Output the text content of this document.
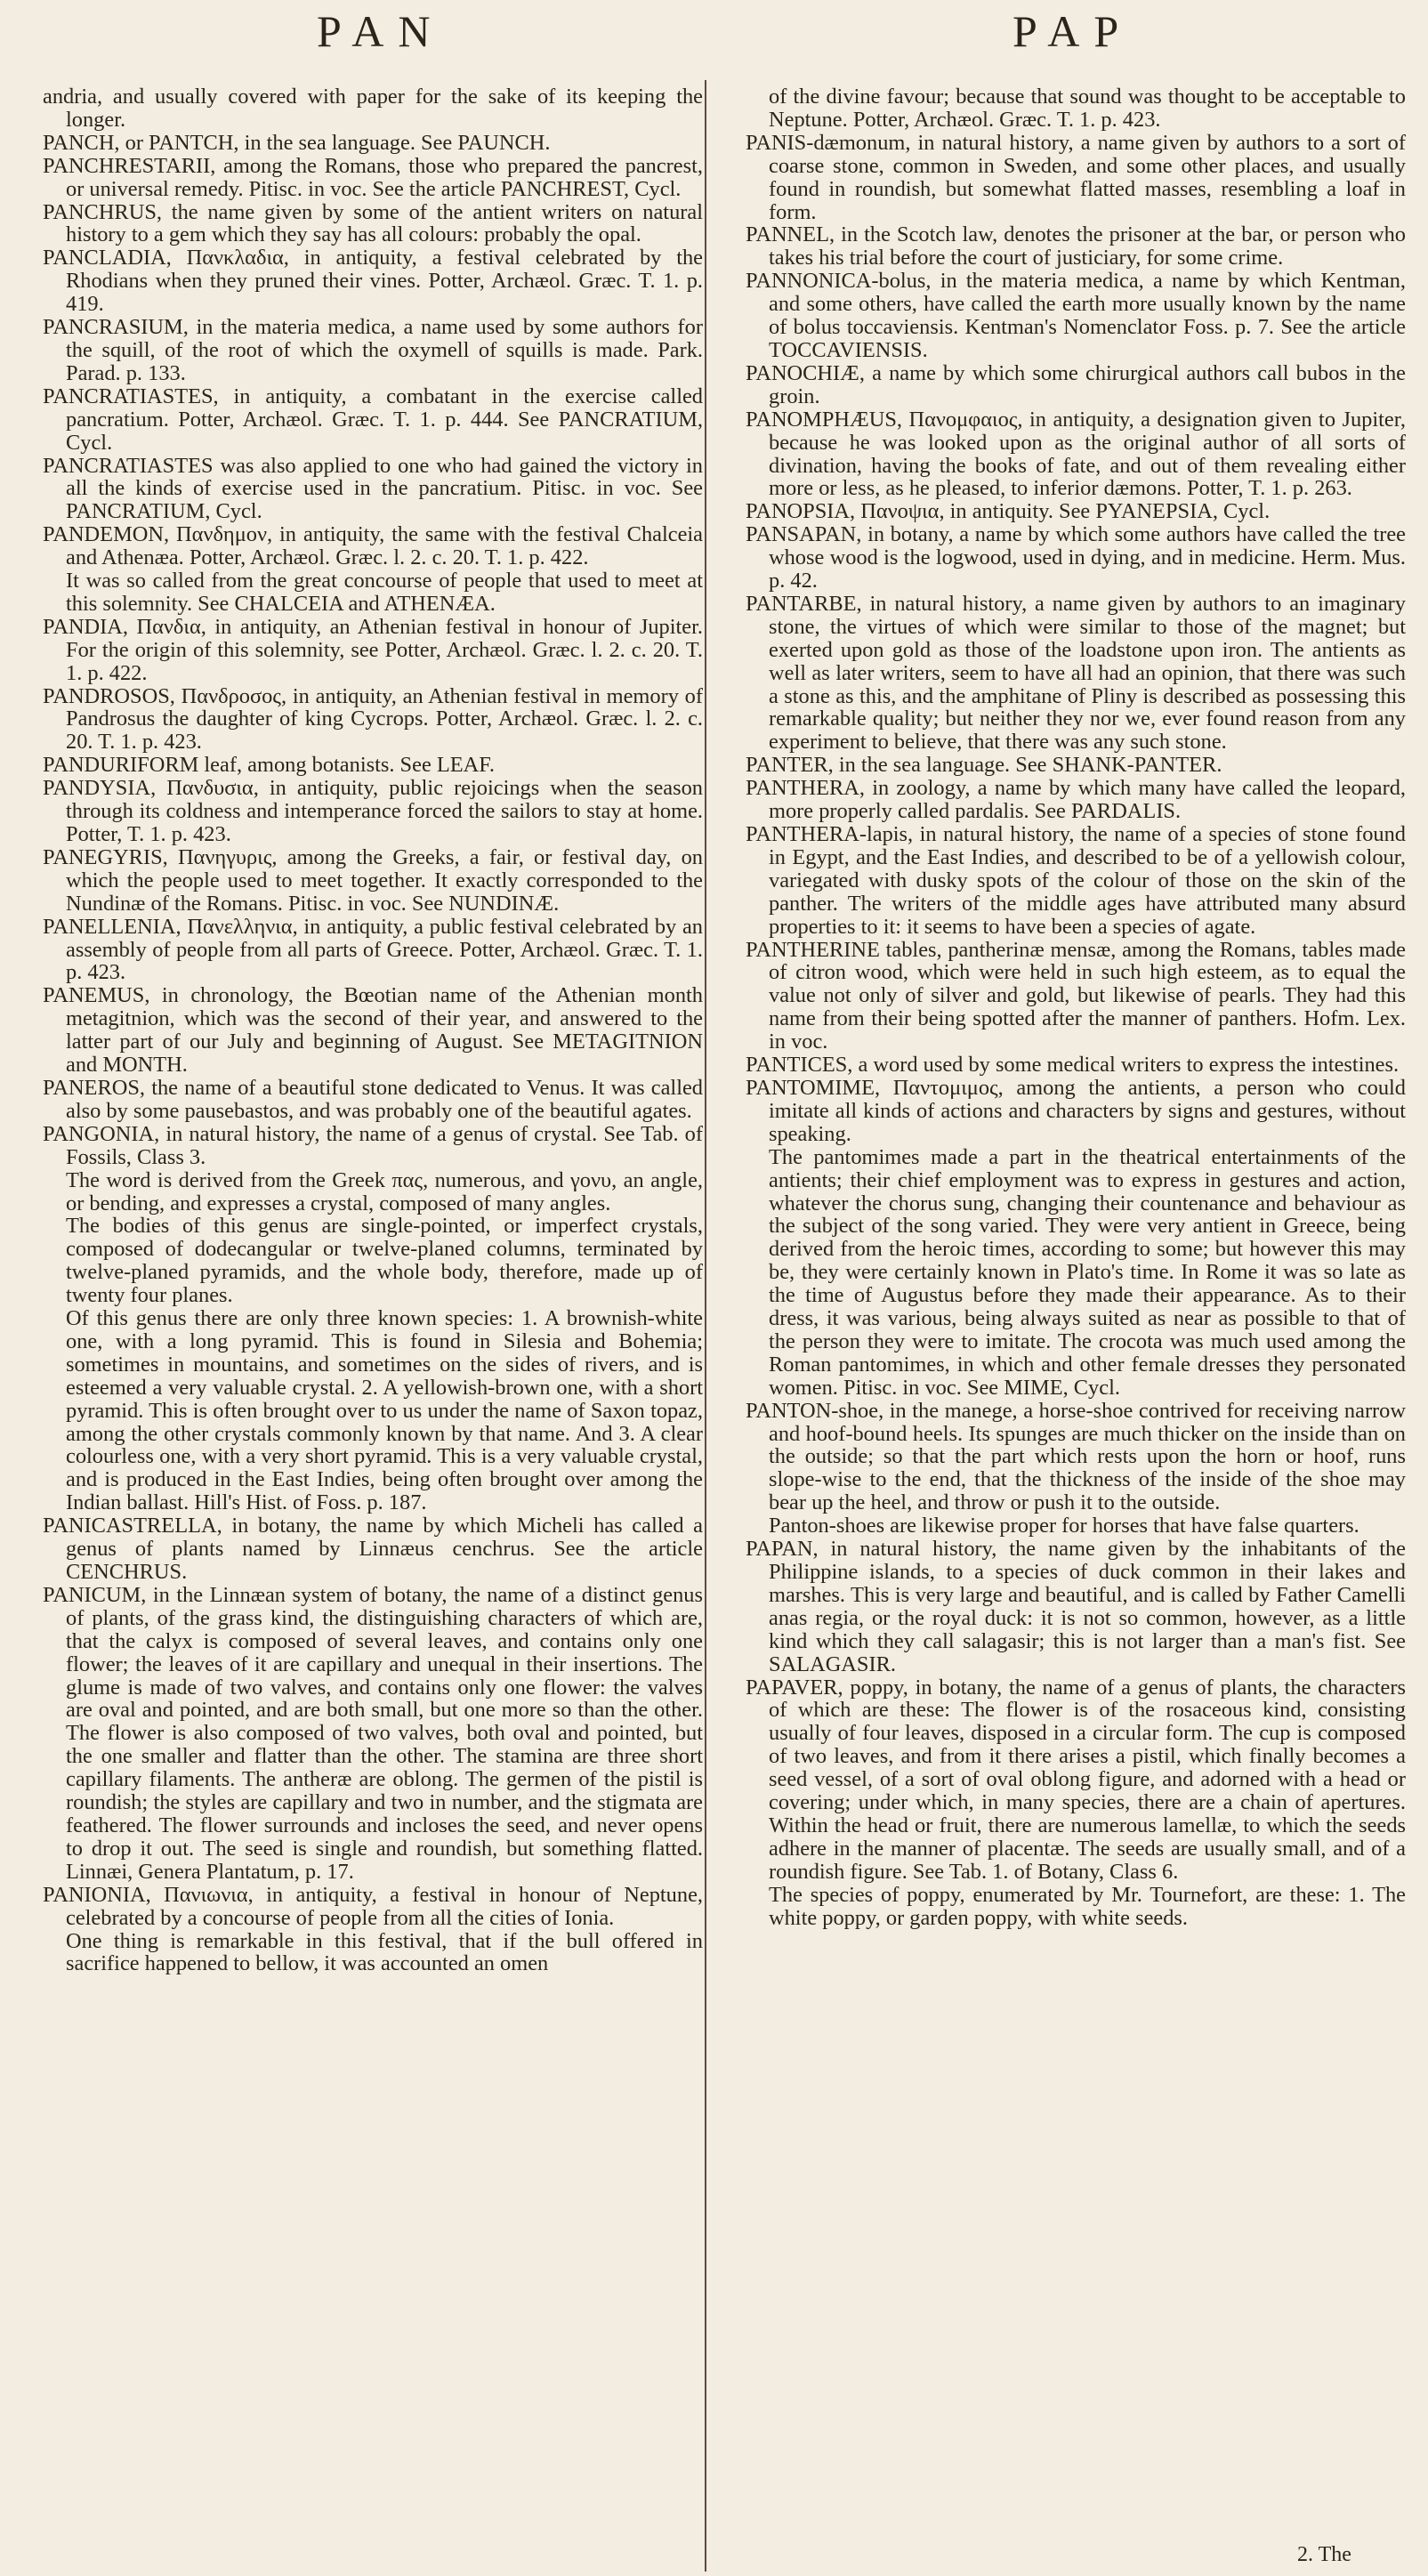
PAN	PAP

andria, and usually covered with paper for the sake of its keeping the longer.

PANCH, or PANTCH, in the sea language. See PAUNCH.

PANCHRESTARII, among the Romans, those who prepared the pancrest, or universal remedy. Pitisc. in voc. See the article PANCHREST, Cycl.

PANCHRUS, the name given by some of the antient writers on natural history to a gem which they say has all colours: probably the opal.

PANCLADIA, Πανκλαδια, in antiquity, a festival celebrated by the Rhodians when they pruned their vines. Potter, Archæol. Græc. T. 1. p. 419.

PANCRASIUM, in the materia medica, a name used by some authors for the squill, of the root of which the oxymell of squills is made. Park. Parad. p. 133.

PANCRATIASTES, in antiquity, a combatant in the exercise called pancratium. Potter, Archæol. Græc. T. 1. p. 444. See PANCRATIUM, Cycl.

PANCRATIASTES was also applied to one who had gained the victory in all the kinds of exercise used in the pancratium. Pitisc. in voc. See PANCRATIUM, Cycl.

PANDEMON, Πανδημον, in antiquity, the same with the festival Chalceia and Athenæa. Potter, Archæol. Græc. l. 2. c. 20. T. 1. p. 422.

It was so called from the great concourse of people that used to meet at this solemnity. See CHALCEIA and ATHENÆA.

PANDIA, Πανδια, in antiquity, an Athenian festival in honour of Jupiter. For the origin of this solemnity, see Potter, Archæol. Græc. l. 2. c. 20. T. 1. p. 422.

PANDROSOS, Πανδροσος, in antiquity, an Athenian festival in memory of Pandrosus the daughter of king Cycrops. Potter, Archæol. Græc. l. 2. c. 20. T. 1. p. 423.

PANDURIFORM leaf, among botanists. See LEAF.

PANDYSIA, Πανδυσια, in antiquity, public rejoicings when the season through its coldness and intemperance forced the sailors to stay at home. Potter, T. 1. p. 423.

PANEGYRIS, Πανηγυρις, among the Greeks, a fair, or festival day, on which the people used to meet together. It exactly corresponded to the Nundinæ of the Romans. Pitisc. in voc. See NUNDINÆ.

PANELLENIA, Πανελληνια, in antiquity, a public festival celebrated by an assembly of people from all parts of Greece. Potter, Archæol. Græc. T. 1. p. 423.

PANEMUS, in chronology, the Bœotian name of the Athenian month metagitnion, which was the second of their year, and answered to the latter part of our July and beginning of August. See METAGITNION and MONTH.

PANEROS, the name of a beautiful stone dedicated to Venus. It was called also by some pausebastos, and was probably one of the beautiful agates.

PANGONIA, in natural history, the name of a genus of crystal. See Tab. of Fossils, Class 3.

The word is derived from the Greek πας, numerous, and γονυ, an angle, or bending, and expresses a crystal, composed of many angles.

The bodies of this genus are single-pointed, or imperfect crystals, composed of dodecangular or twelve-planed columns, terminated by twelve-planed pyramids, and the whole body, therefore, made up of twenty four planes.

Of this genus there are only three known species: 1. A brownish-white one, with a long pyramid. This is found in Silesia and Bohemia; sometimes in mountains, and sometimes on the sides of rivers, and is esteemed a very valuable crystal. 2. A yellowish-brown one, with a short pyramid. This is often brought over to us under the name of Saxon topaz, among the other crystals commonly known by that name. And 3. A clear colourless one, with a very short pyramid. This is a very valuable crystal, and is produced in the East Indies, being often brought over among the Indian ballast. Hill's Hist. of Foss. p. 187.

PANICASTRELLA, in botany, the name by which Micheli has called a genus of plants named by Linnæus cenchrus. See the article CENCHRUS.

PANICUM, in the Linnæan system of botany, the name of a distinct genus of plants, of the grass kind, the distinguishing characters of which are, that the calyx is composed of several leaves, and contains only one flower; the leaves of it are capillary and unequal in their insertions. The glume is made of two valves, and contains only one flower: the valves are oval and pointed, and are both small, but one more so than the other. The flower is also composed of two valves, both oval and pointed, but the one smaller and flatter than the other. The stamina are three short capillary filaments. The antheræ are oblong. The germen of the pistil is roundish; the styles are capillary and two in number, and the stigmata are feathered. The flower surrounds and incloses the seed, and never opens to drop it out. The seed is single and roundish, but something flatted. Linnæi, Genera Plantatum, p. 17.

PANIONIA, Πανιωνια, in antiquity, a festival in honour of Neptune, celebrated by a concourse of people from all the cities of Ionia.

One thing is remarkable in this festival, that if the bull offered in sacrifice happened to bellow, it was accounted an omen

of the divine favour; because that sound was thought to be acceptable to Neptune. Potter, Archæol. Græc. T. 1. p. 423.

PANIS-dæmonum, in natural history, a name given by authors to a sort of coarse stone, common in Sweden, and some other places, and usually found in roundish, but somewhat flatted masses, resembling a loaf in form.

PANNEL, in the Scotch law, denotes the prisoner at the bar, or person who takes his trial before the court of justiciary, for some crime.

PANNONICA-bolus, in the materia medica, a name by which Kentman, and some others, have called the earth more usually known by the name of bolus toccaviensis. Kentman's Nomenclator Foss. p. 7. See the article TOCCAVIENSIS.

PANOCHIÆ, a name by which some chirurgical authors call bubos in the groin.

PANOMPHÆUS, Πανομφαιος, in antiquity, a designation given to Jupiter, because he was looked upon as the original author of all sorts of divination, having the books of fate, and out of them revealing either more or less, as he pleased, to inferior dæmons. Potter, T. 1. p. 263.

PANOPSIA, Πανοψια, in antiquity. See PYANEPSIA, Cycl.

PANSAPAN, in botany, a name by which some authors have called the tree whose wood is the logwood, used in dying, and in medicine. Herm. Mus. p. 42.

PANTARBE, in natural history, a name given by authors to an imaginary stone, the virtues of which were similar to those of the magnet; but exerted upon gold as those of the loadstone upon iron. The antients as well as later writers, seem to have all had an opinion, that there was such a stone as this, and the amphitane of Pliny is described as possessing this remarkable quality; but neither they nor we, ever found reason from any experiment to believe, that there was any such stone.

PANTER, in the sea language. See SHANK-PANTER.

PANTHERA, in zoology, a name by which many have called the leopard, more properly called pardalis. See PARDALIS.

PANTHERA-lapis, in natural history, the name of a species of stone found in Egypt, and the East Indies, and described to be of a yellowish colour, variegated with dusky spots of the colour of those on the skin of the panther. The writers of the middle ages have attributed many absurd properties to it: it seems to have been a species of agate.

PANTHERINE tables, pantherinæ mensæ, among the Romans, tables made of citron wood, which were held in such high esteem, as to equal the value not only of silver and gold, but likewise of pearls. They had this name from their being spotted after the manner of panthers. Hofm. Lex. in voc.

PANTICES, a word used by some medical writers to express the intestines.

PANTOMIME, Παντομιμος, among the antients, a person who could imitate all kinds of actions and characters by signs and gestures, without speaking.

The pantomimes made a part in the theatrical entertainments of the antients; their chief employment was to express in gestures and action, whatever the chorus sung, changing their countenance and behaviour as the subject of the song varied. They were very antient in Greece, being derived from the heroic times, according to some; but however this may be, they were certainly known in Plato's time. In Rome it was so late as the time of Augustus before they made their appearance. As to their dress, it was various, being always suited as near as possible to that of the person they were to imitate. The crocota was much used among the Roman pantomimes, in which and other female dresses they personated women. Pitisc. in voc. See MIME, Cycl.

PANTON-shoe, in the manege, a horse-shoe contrived for receiving narrow and hoof-bound heels. Its spunges are much thicker on the inside than on the outside; so that the part which rests upon the horn or hoof, runs slope-wise to the end, that the thickness of the inside of the shoe may bear up the heel, and throw or push it to the outside.

Panton-shoes are likewise proper for horses that have false quarters.

PAPAN, in natural history, the name given by the inhabitants of the Philippine islands, to a species of duck common in their lakes and marshes. This is very large and beautiful, and is called by Father Camelli anas regia, or the royal duck: it is not so common, however, as a little kind which they call salagasir; this is not larger than a man's fist. See SALAGASIR.

PAPAVER, poppy, in botany, the name of a genus of plants, the characters of which are these: The flower is of the rosaceous kind, consisting usually of four leaves, disposed in a circular form. The cup is composed of two leaves, and from it there arises a pistil, which finally becomes a seed vessel, of a sort of oval oblong figure, and adorned with a head or covering; under which, in many species, there are a chain of apertures. Within the head or fruit, there are numerous lamellæ, to which the seeds adhere in the manner of placentæ. The seeds are usually small, and of a roundish figure. See Tab. 1. of Botany, Class 6.

The species of poppy, enumerated by Mr. Tournefort, are these: 1. The white poppy, or garden poppy, with white seeds.

2. The
